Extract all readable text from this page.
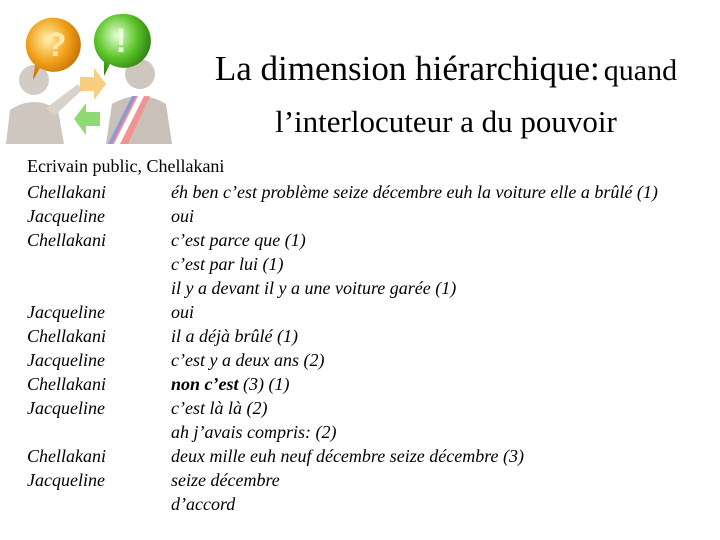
? !
La dimension hiérarchique: quand
l’interlocuteur a du pouvoir
Ecrivain public, Chellakani
Chellakani	éh ben c’est problème seize décembre euh la voiture elle a brûlé (1)
Jacqueline	oui
Chellakani	c’est parce que (1)
c’est par lui (1)
il y a devant il y a une voiture garée (1)
Jacqueline	oui
Chellakani	il a déjà brûlé (1)
Jacqueline	c’est y a deux ans (2)
Chellakani	non c’est (3) (1)
Jacqueline	c’est là là (2)
ah j’avais compris: (2)
Chellakani	deux mille euh neuf décembre seize décembre (3)
Jacqueline	seize décembre
d’accord
